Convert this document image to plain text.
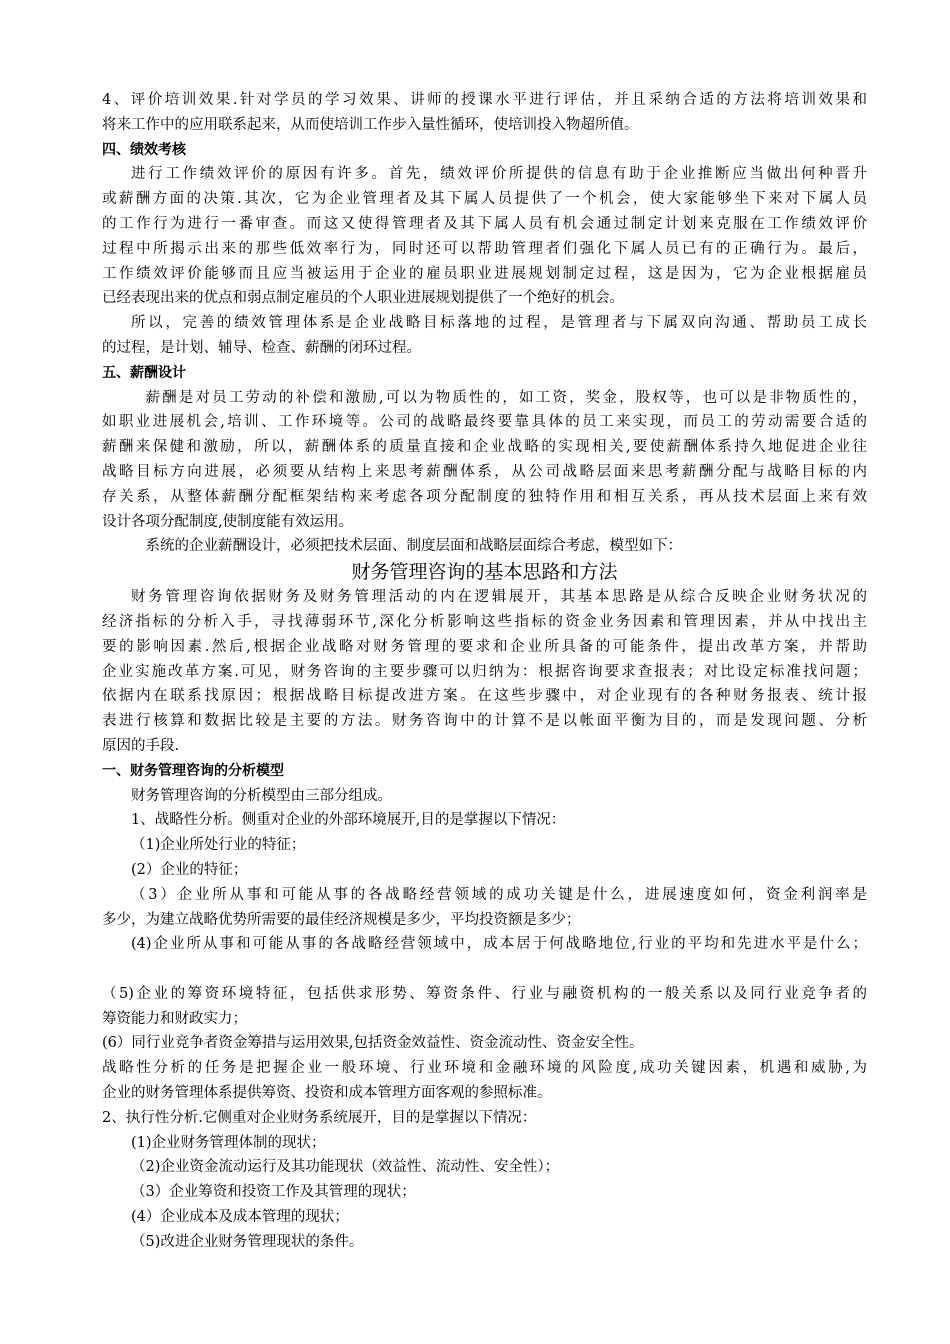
4、评价培训效果.针对学员的学习效果、讲师的授课水平进行评估，并且采纳合适的方法将培训效果和
将来工作中的应用联系起来，从而使培训工作步入量性循环，使培训投入物超所值。
四、绩效考核
进行工作绩效评价的原因有许多。首先，绩效评价所提供的信息有助于企业推断应当做出何种晋升
或薪酬方面的决策.其次，它为企业管理者及其下属人员提供了一个机会，使大家能够坐下来对下属人员
的工作行为进行一番审查。而这又使得管理者及其下属人员有机会通过制定计划来克服在工作绩效评价
过程中所揭示出来的那些低效率行为，同时还可以帮助管理者们强化下属人员已有的正确行为。最后，
工作绩效评价能够而且应当被运用于企业的雇员职业进展规划制定过程，这是因为，它为企业根据雇员
已经表现出来的优点和弱点制定雇员的个人职业进展规划提供了一个绝好的机会。
所以，完善的绩效管理体系是企业战略目标落地的过程，是管理者与下属双向沟通、帮助员工成长
的过程，是计划、辅导、检查、薪酬的闭环过程。
五、薪酬设计
薪酬是对员工劳动的补偿和激励,可以为物质性的，如工资，奖金，股权等，也可以是非物质性的，
如职业进展机会,培训、工作环境等。公司的战略最终要靠具体的员工来实现，而员工的劳动需要合适的
薪酬来保健和激励，所以，薪酬体系的质量直接和企业战略的实现相关,要使薪酬体系持久地促进企业往
战略目标方向进展，必须要从结构上来思考薪酬体系，从公司战略层面来思考薪酬分配与战略目标的内
存关系，从整体薪酬分配框架结构来考虑各项分配制度的独特作用和相互关系，再从技术层面上来有效
设计各项分配制度,使制度能有效运用。
系统的企业薪酬设计，必须把技术层面、制度层面和战略层面综合考虑，模型如下：
财务管理咨询的基本思路和方法
财务管理咨询依据财务及财务管理活动的内在逻辑展开，其基本思路是从综合反映企业财务状况的
经济指标的分析入手，寻找薄弱环节,深化分析影响这些指标的资金业务因素和管理因素，并从中找出主
要的影响因素.然后,根据企业战略对财务管理的要求和企业所具备的可能条件，提出改革方案，并帮助
企业实施改革方案.可见，财务咨询的主要步骤可以归纳为：根据咨询要求查报表；对比设定标准找问题；
依据内在联系找原因；根据战略目标提改进方案。在这些步骤中，对企业现有的各种财务报表、统计报
表进行核算和数据比较是主要的方法。财务咨询中的计算不是以帐面平衡为目的，而是发现问题、分析
原因的手段.
一、财务管理咨询的分析模型
财务管理咨询的分析模型由三部分组成。
1、战略性分析。侧重对企业的外部环境展开,目的是掌握以下情况：
（1)企业所处行业的特征；
(2）企业的特征；
（3）企业所从事和可能从事的各战略经营领域的成功关键是什么，进展速度如何，资金利润率是
多少，为建立战略优势所需要的最佳经济规模是多少，平均投资额是多少；
(4)企业所从事和可能从事的各战略经营领域中，成本居于何战略地位,行业的平均和先进水平是什么；
（5)企业的筹资环境特征，包括供求形势、筹资条件、行业与融资机构的一般关系以及同行业竞争者的
筹资能力和财政实力；
(6）同行业竞争者资金筹措与运用效果,包括资金效益性、资金流动性、资金安全性。
战略性分析的任务是把握企业一般环境、行业环境和金融环境的风险度,成功关键因素，机遇和威胁,为
企业的财务管理体系提供筹资、投资和成本管理方面客观的参照标准。
2、执行性分析.它侧重对企业财务系统展开，目的是掌握以下情况：
(1)企业财务管理体制的现状；
（2)企业资金流动运行及其功能现状（效益性、流动性、安全性）；
（3）企业筹资和投资工作及其管理的现状；
(4）企业成本及成本管理的现状；
（5)改进企业财务管理现状的条件。
